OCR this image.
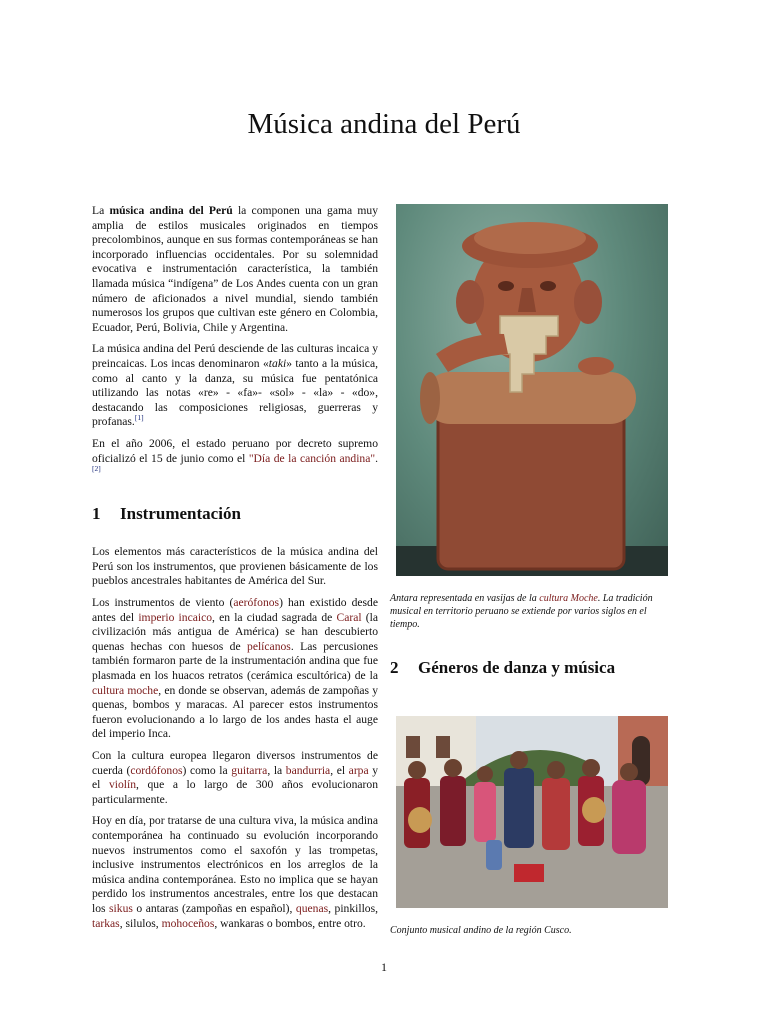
Música andina del Perú

La música andina del Perú la componen una gama muy amplia de estilos musicales originados en tiempos precolombinos, aunque en sus formas contemporáneas se han incorporado influencias occidentales. Por su solemnidad evocativa e instrumentación característica, la también llamada música “indígena” de Los Andes cuenta con un gran número de aficionados a nivel mundial, siendo también numerosos los grupos que cultivan este género en Colombia, Ecuador, Perú, Bolivia, Chile y Argentina.

La música andina del Perú desciende de las culturas incaica y preincaicas. Los incas denominaron «taki» tanto a la música, como al canto y la danza, su música fue pentatónica utilizando las notas «re» - «fa»- «sol» - «la» - «do», destacando las composiciones religiosas, guerreras y profanas.[1]

En el año 2006, el estado peruano por decreto supremo oficializó el 15 de junio como el "Día de la canción andina".[2]

1 Instrumentación

Los elementos más característicos de la música andina del Perú son los instrumentos, que provienen básicamente de los pueblos ancestrales habitantes de América del Sur.

Los instrumentos de viento (aerófonos) han existido desde antes del imperio incaico, en la ciudad sagrada de Caral (la civilización más antigua de América) se han descubierto quenas hechas con huesos de pelícanos. Las percusiones también formaron parte de la instrumentación andina que fue plasmada en los huacos retratos (cerámica escultórica) de la cultura moche, en donde se observan, además de zampoñas y quenas, bombos y maracas. Al parecer estos instrumentos fueron evolucionando a lo largo de los andes hasta el auge del imperio Inca.

Con la cultura europea llegaron diversos instrumentos de cuerda (cordófonos) como la guitarra, la bandurria, el arpa y el violín, que a lo largo de 300 años evolucionaron particularmente.

Hoy en día, por tratarse de una cultura viva, la música andina contemporánea ha continuado su evolución incorporando nuevos instrumentos como el saxofón y las trompetas, inclusive instrumentos electrónicos en los arreglos de la música andina contemporánea. Esto no implica que se hayan perdido los instrumentos ancestrales, entre los que destacan los sikus o antaras (zampoñas en español), quenas, pinkillos, tarkas, silulos, mohoceños, wankaras o bombos, entre otro.

Antara representada en vasijas de la cultura Moche. La tradición musical en territorio peruano se extiende por varios siglos en el tiempo.
2 Géneros de danza y música
Conjunto musical andino de la región Cusco.
1
